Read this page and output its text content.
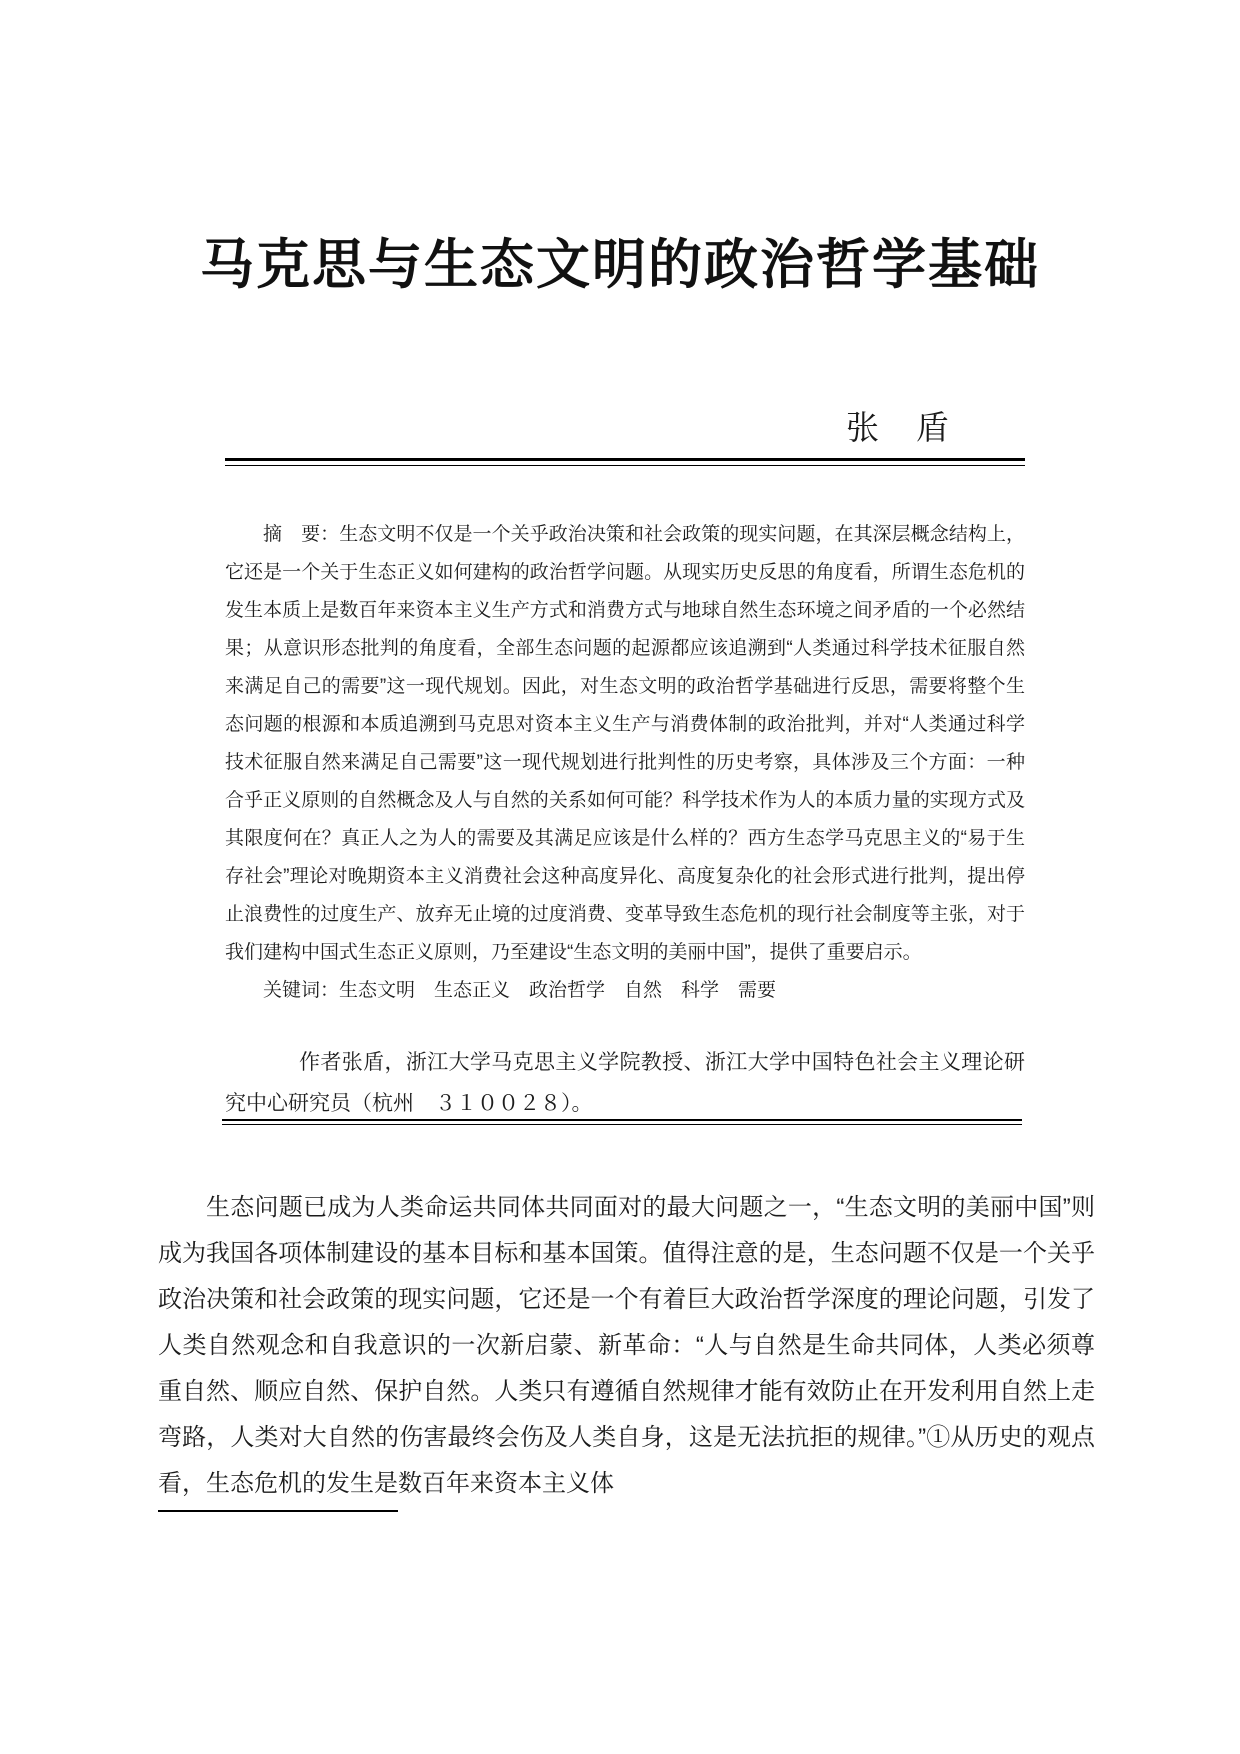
马克思与生态文明的政治哲学基础
张　盾

摘　要：生态文明不仅是一个关乎政治决策和社会政策的现实问题，在其深层概念结构上，它还是一个关于生态正义如何建构的政治哲学问题。从现实历史反思的角度看，所谓生态危机的发生本质上是数百年来资本主义生产方式和消费方式与地球自然生态环境之间矛盾的一个必然结果；从意识形态批判的角度看，全部生态问题的起源都应该追溯到“人类通过科学技术征服自然来满足自己的需要”这一现代规划。因此，对生态文明的政治哲学基础进行反思，需要将整个生态问题的根源和本质追溯到马克思对资本主义生产与消费体制的政治批判，并对“人类通过科学技术征服自然来满足自己需要”这一现代规划进行批判性的历史考察，具体涉及三个方面：一种合乎正义原则的自然概念及人与自然的关系如何可能？科学技术作为人的本质力量的实现方式及其限度何在？真正人之为人的需要及其满足应该是什么样的？西方生态学马克思主义的“易于生存社会”理论对晚期资本主义消费社会这种高度异化、高度复杂化的社会形式进行批判，提出停止浪费性的过度生产、放弃无止境的过度消费、变革导致生态危机的现行社会制度等主张，对于我们建构中国式生态正义原则，乃至建设“生态文明的美丽中国”，提供了重要启示。

关键词：生态文明　生态正义　政治哲学　自然　科学　需要

作者张盾，浙江大学马克思主义学院教授、浙江大学中国特色社会主义理论研究中心研究员（杭州　３１００２８）。

生态问题已成为人类命运共同体共同面对的最大问题之一，“生态文明的美丽中国”则成为我国各项体制建设的基本目标和基本国策。值得注意的是，生态问题不仅是一个关乎政治决策和社会政策的现实问题，它还是一个有着巨大政治哲学深度的理论问题，引发了人类自然观念和自我意识的一次新启蒙、新革命：“人与自然是生命共同体，人类必须尊重自然、顺应自然、保护自然。人类只有遵循自然规律才能有效防止在开发利用自然上走弯路，人类对大自然的伤害最终会伤及人类自身，这是无法抗拒的规律。”①从历史的观点看，生态危机的发生是数百年来资本主义体
